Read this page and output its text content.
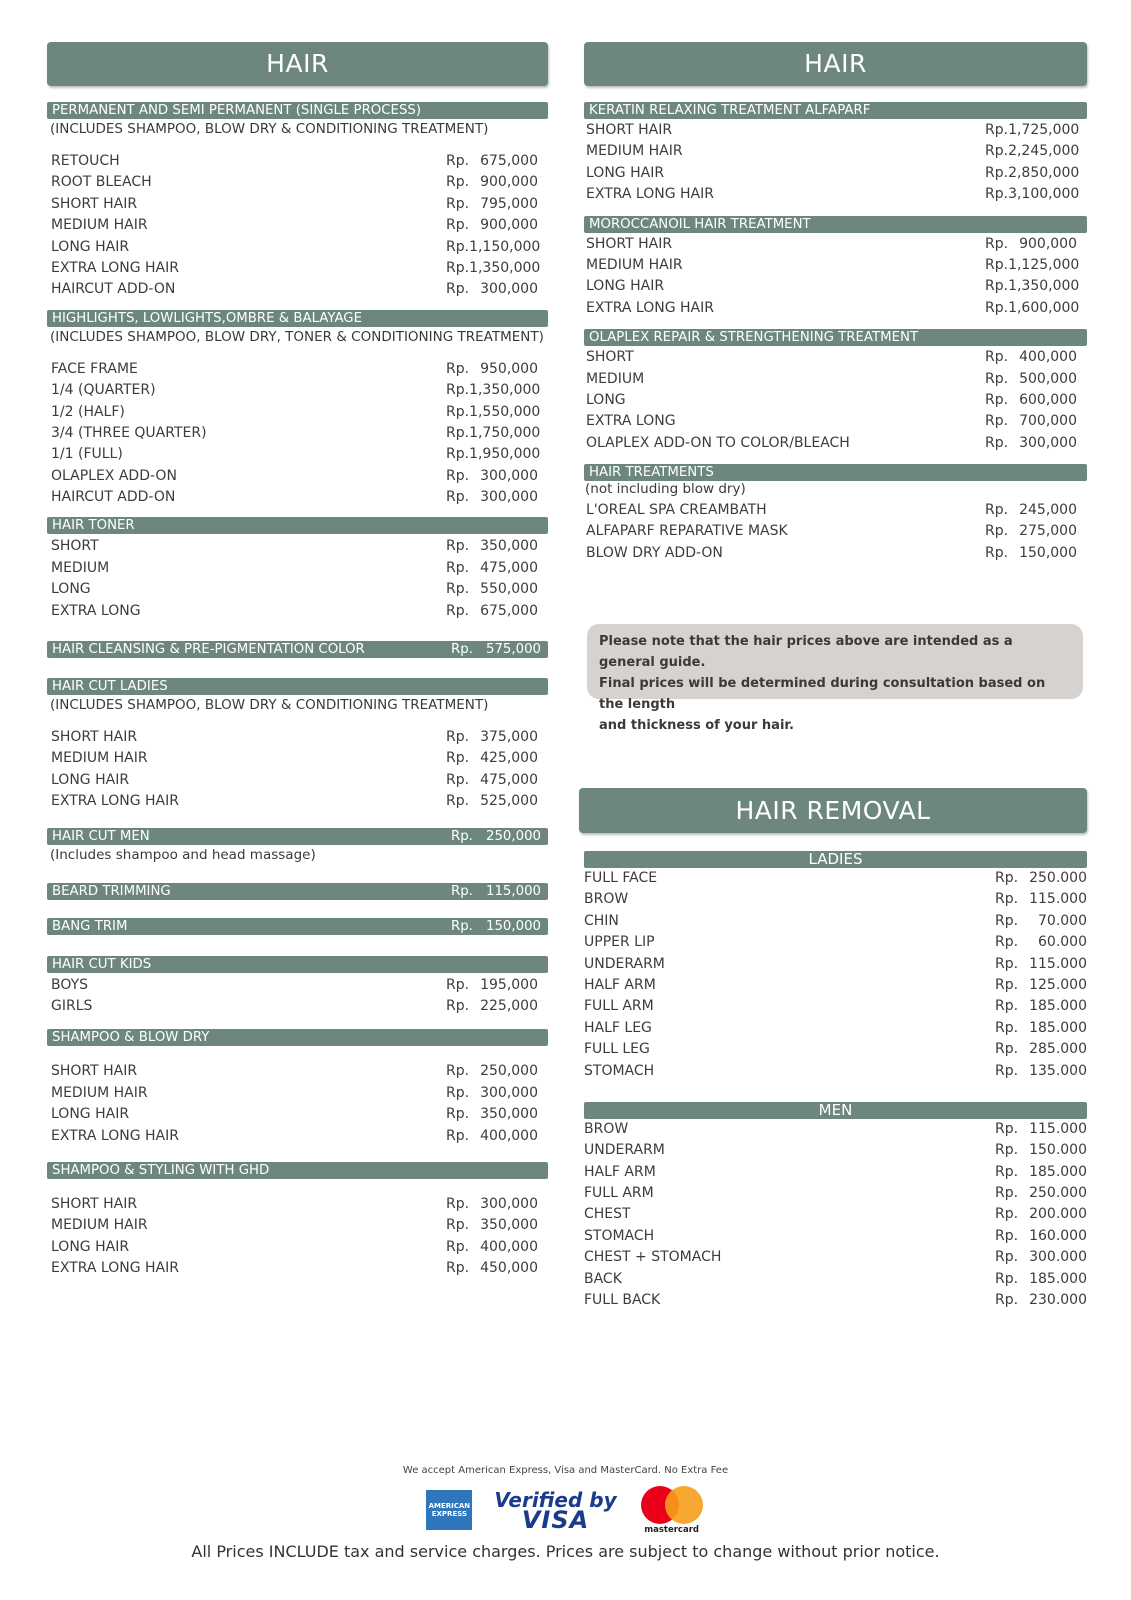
HAIR
PERMANENT AND SEMI PERMANENT (SINGLE PROCESS)
(INCLUDES SHAMPOO, BLOW DRY & CONDITIONING TREATMENT)
RETOUCH	Rp. 675,000
ROOT BLEACH	Rp. 900,000
SHORT HAIR	Rp. 795,000
MEDIUM HAIR	Rp. 900,000
LONG HAIR	Rp. 1,150,000
EXTRA LONG HAIR	Rp. 1,350,000
HAIRCUT ADD-ON	Rp. 300,000
HIGHLIGHTS, LOWLIGHTS,OMBRE & BALAYAGE
(INCLUDES SHAMPOO, BLOW DRY, TONER & CONDITIONING TREATMENT)
FACE FRAME	Rp. 950,000
1/4 (QUARTER)	Rp. 1,350,000
1/2 (HALF)	Rp. 1,550,000
3/4 (THREE QUARTER)	Rp. 1,750,000
1/1 (FULL)	Rp. 1,950,000
OLAPLEX ADD-ON	Rp. 300,000
HAIRCUT ADD-ON	Rp. 300,000
HAIR TONER
SHORT	Rp. 350,000
MEDIUM	Rp. 475,000
LONG	Rp. 550,000
EXTRA LONG	Rp. 675,000
HAIR CLEANSING & PRE-PIGMENTATION COLOR	Rp. 575,000
HAIR CUT LADIES
(INCLUDES SHAMPOO, BLOW DRY & CONDITIONING TREATMENT)
SHORT HAIR	Rp. 375,000
MEDIUM HAIR	Rp. 425,000
LONG HAIR	Rp. 475,000
EXTRA LONG HAIR	Rp. 525,000
HAIR CUT MEN	Rp. 250,000
(Includes shampoo and head massage)
BEARD TRIMMING	Rp. 115,000
BANG TRIM	Rp. 150,000
HAIR CUT KIDS
BOYS	Rp. 195,000
GIRLS	Rp. 225,000
SHAMPOO & BLOW DRY
SHORT HAIR	Rp. 250,000
MEDIUM HAIR	Rp. 300,000
LONG HAIR	Rp. 350,000
EXTRA LONG HAIR	Rp. 400,000
SHAMPOO & STYLING WITH GHD
SHORT HAIR	Rp. 300,000
MEDIUM HAIR	Rp. 350,000
LONG HAIR	Rp. 400,000
EXTRA LONG HAIR	Rp. 450,000
HAIR
KERATIN RELAXING TREATMENT ALFAPARF
SHORT HAIR	Rp. 1,725,000
MEDIUM HAIR	Rp. 2,245,000
LONG HAIR	Rp. 2,850,000
EXTRA LONG HAIR	Rp. 3,100,000
MOROCCANOIL HAIR TREATMENT
SHORT HAIR	Rp. 900,000
MEDIUM HAIR	Rp. 1,125,000
LONG HAIR	Rp. 1,350,000
EXTRA LONG HAIR	Rp. 1,600,000
OLAPLEX REPAIR & STRENGTHENING TREATMENT
SHORT	Rp. 400,000
MEDIUM	Rp. 500,000
LONG	Rp. 600,000
EXTRA LONG	Rp. 700,000
OLAPLEX ADD-ON TO COLOR/BLEACH	Rp. 300,000
HAIR TREATMENTS
(not including blow dry)
L'OREAL SPA CREAMBATH	Rp. 245,000
ALFAPARF REPARATIVE MASK	Rp. 275,000
BLOW DRY ADD-ON	Rp. 150,000
Please note that the hair prices above are intended as a general guide.
Final prices will be determined during consultation based on the length
and thickness of your hair.
HAIR REMOVAL
LADIES
FULL FACE	Rp. 250.000
BROW	Rp. 115.000
CHIN	Rp. 70.000
UPPER LIP	Rp. 60.000
UNDERARM	Rp. 115.000
HALF ARM	Rp. 125.000
FULL ARM	Rp. 185.000
HALF LEG	Rp. 185.000
FULL LEG	Rp. 285.000
STOMACH	Rp. 135.000
MEN
BROW	Rp. 115.000
UNDERARM	Rp. 150.000
HALF ARM	Rp. 185.000
FULL ARM	Rp. 250.000
CHEST	Rp. 200.000
STOMACH	Rp. 160.000
CHEST + STOMACH	Rp. 300.000
BACK	Rp. 185.000
FULL BACK	Rp. 230.000
We accept American Express, Visa and MasterCard. No Extra Fee
AMERICAN EXPRESS
Verified by
VISA	mastercard
All Prices INCLUDE tax and service charges. Prices are subject to change without prior notice.
